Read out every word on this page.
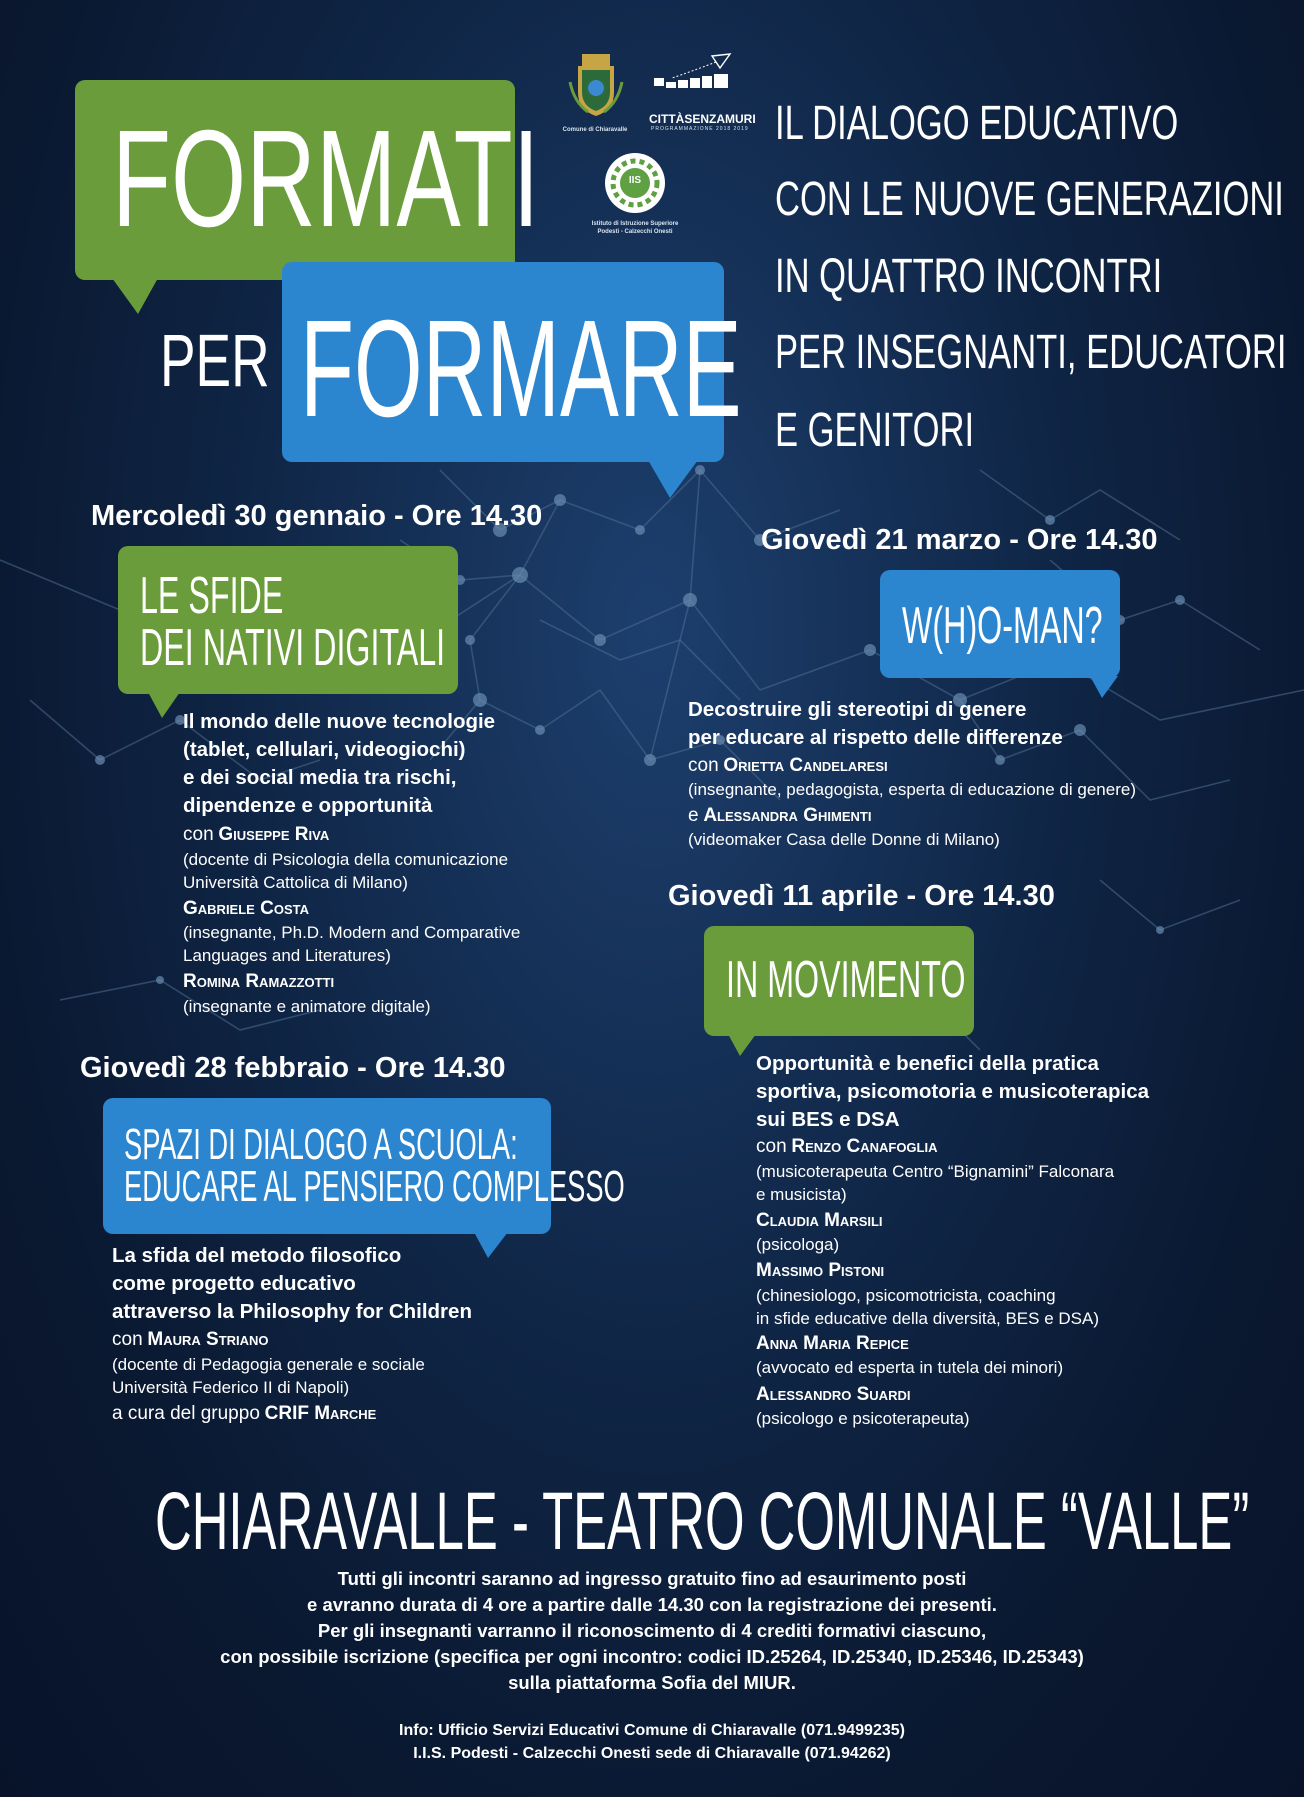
FORMATI
PER FORMARE
Comune di Chiaravalle
CITTÀSENZAMURI
PROGRAMMAZIONE 2018 2019
IIS
Istituto di Istruzione Superiore
Podesti - Calzecchi Onesti
IL DIALOGO EDUCATIVO
CON LE NUOVE GENERAZIONI
IN QUATTRO INCONTRI
PER INSEGNANTI, EDUCATORI
E GENITORI
Mercoledì 30 gennaio - Ore 14.30
LE SFIDE
DEI NATIVI DIGITALI
Il mondo delle nuove tecnologie
(tablet, cellulari, videogiochi)
e dei social media tra rischi,
dipendenze e opportunità
con Giuseppe Riva
(docente di Psicologia della comunicazione
Università Cattolica di Milano)
Gabriele Costa
(insegnante, Ph.D. Modern and Comparative
Languages and Literatures)
Romina Ramazzotti
(insegnante e animatore digitale)
Giovedì 28 febbraio - Ore 14.30
SPAZI DI DIALOGO A SCUOLA:
EDUCARE AL PENSIERO COMPLESSO
La sfida del metodo filosofico
come progetto educativo
attraverso la Philosophy for Children
con Maura Striano
(docente di Pedagogia generale e sociale
Università Federico II di Napoli)
a cura del gruppo CRIF Marche
Giovedì 21 marzo - Ore 14.30
W(H)O-MAN?
Decostruire gli stereotipi di genere
per educare al rispetto delle differenze
con Orietta Candelaresi
(insegnante, pedagogista, esperta di educazione di genere)
e Alessandra Ghimenti
(videomaker Casa delle Donne di Milano)
Giovedì 11 aprile - Ore 14.30
IN MOVIMENTO
Opportunità e benefici della pratica
sportiva, psicomotoria e musicoterapica
sui BES e DSA
con Renzo Canafoglia
(musicoterapeuta Centro “Bignamini” Falconara
e musicista)
Claudia Marsili
(psicologa)
Massimo Pistoni
(chinesiologo, psicomotricista, coaching
in sfide educative della diversità, BES e DSA)
Anna Maria Repice
(avvocato ed esperta in tutela dei minori)
Alessandro Suardi
(psicologo e psicoterapeuta)
CHIARAVALLE - TEATRO COMUNALE “VALLE”
Tutti gli incontri saranno ad ingresso gratuito fino ad esaurimento posti
e avranno durata di 4 ore a partire dalle 14.30 con la registrazione dei presenti.
Per gli insegnanti varranno il riconoscimento di 4 crediti formativi ciascuno,
con possibile iscrizione (specifica per ogni incontro: codici ID.25264, ID.25340, ID.25346, ID.25343)
sulla piattaforma Sofia del MIUR.
Info: Ufficio Servizi Educativi Comune di Chiaravalle (071.9499235)
I.I.S. Podesti - Calzecchi Onesti sede di Chiaravalle (071.94262)
